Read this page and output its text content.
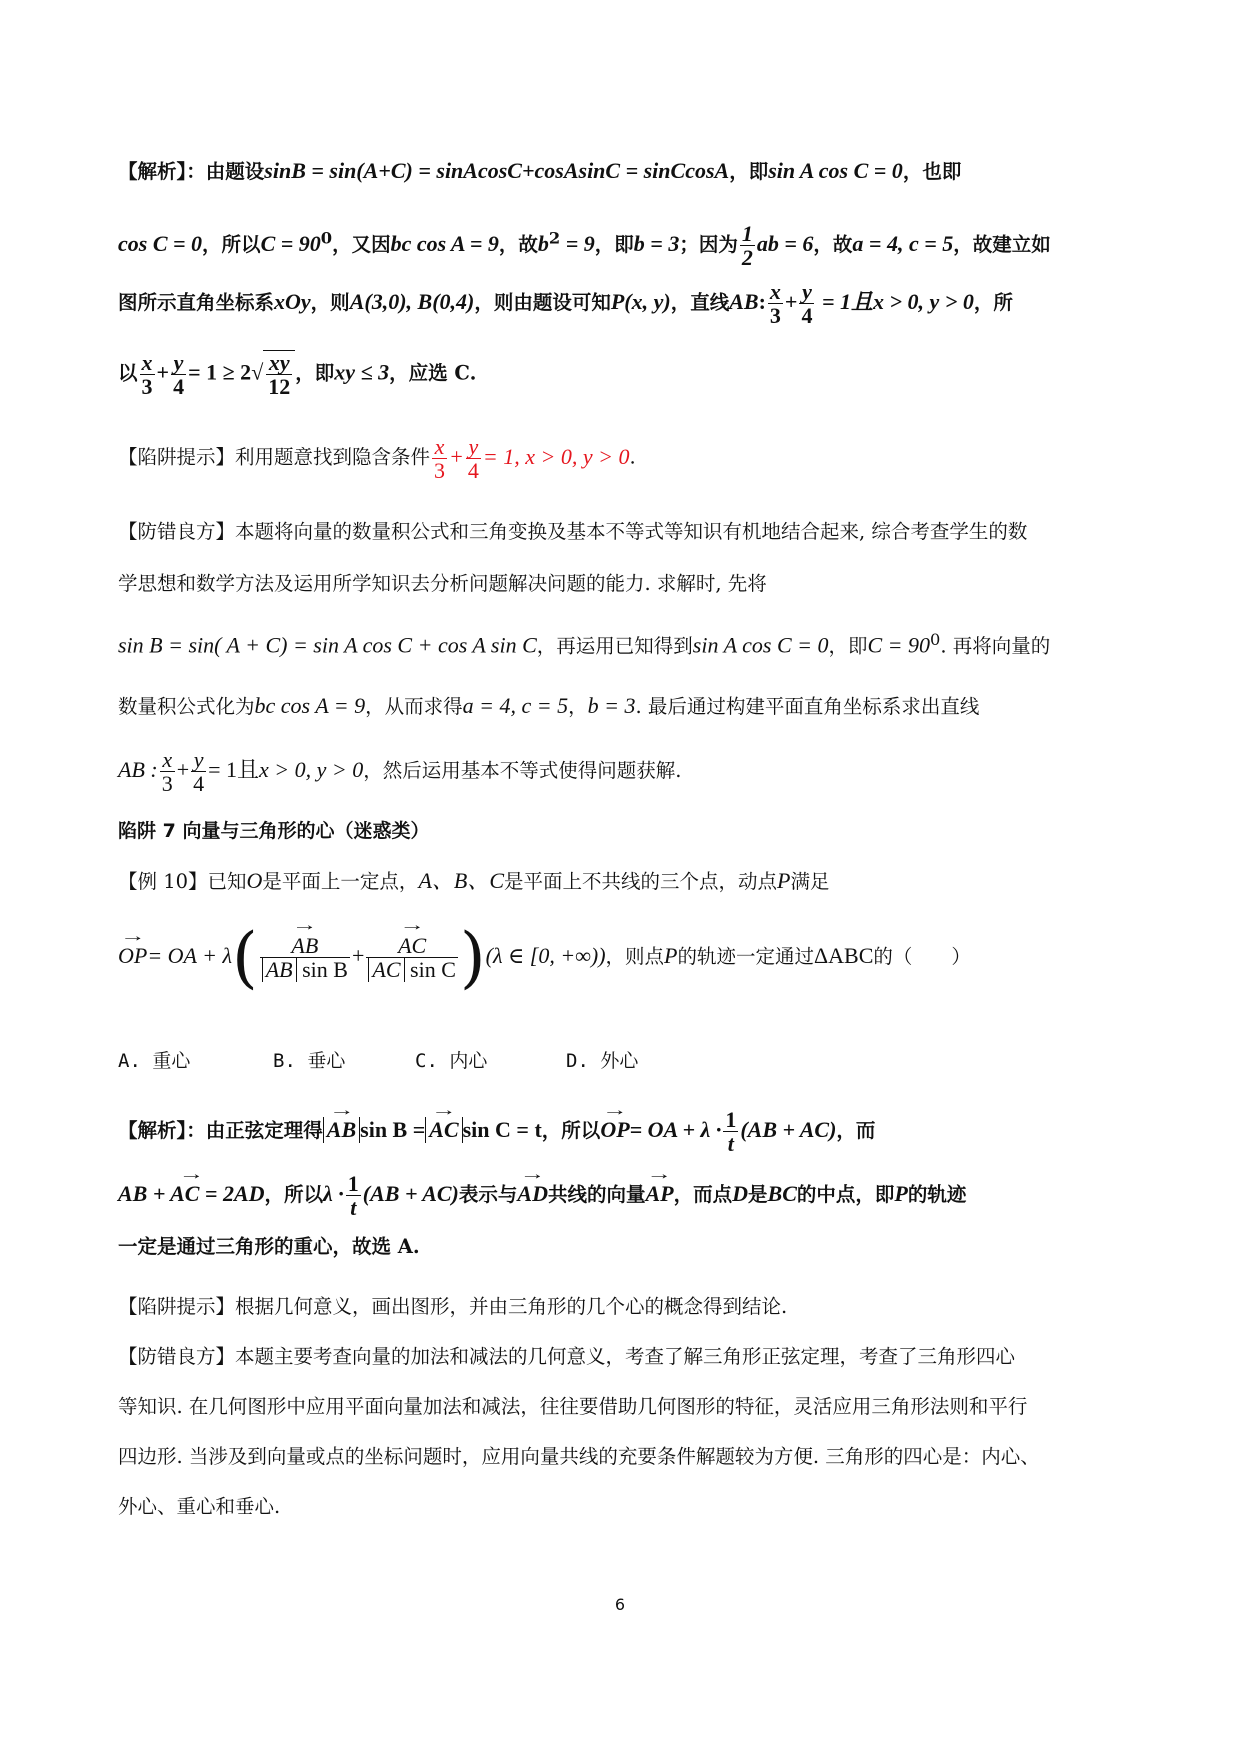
【解析】：由题设sinB = sin(A+C) = sinAcosC+cosAsinC = sinCcosA，即sin A cos C = 0，也即
cos C = 0，所以$C = 90^0$，又因bc cos A = 9，故$b^2 = 9$，即b = 3；因为 $\frac{1}{2}$ ab = 6，故a = 4, c = 5，故建立如
图所示直角坐标系xOy，则A(3,0), B(0,4)，则由题设可知P(x, y)，直线AB: $\frac{x}{3} + \frac{y}{4} = 1$且x > 0, y > 0，所
以 $\frac{x}{3} + \frac{y}{4} = 1 \ge 2√ \frac{xy}{12}$ ，即xy ≤ 3，应选 C.
【陷阱提示】利用题意找到隐含条件 $\frac{x}{3} + \frac{y}{4} = 1$, x > 0, y > 0.
【防错良方】本题将向量的数量积公式和三角变换及基本不等式等知识有机地结合起来, 综合考查学生的数
学思想和数学方法及运用所学知识去分析问题解决问题的能力. 求解时, 先将
sin B = sin( A + C) = sin A cos C + cos A sin C，再运用已知得到sin A cos C = 0，即$C = 90^0$. 再将向量的
数量积公式化为bc cos A = 9，从而求得a = 4, c = 5，b = 3. 最后通过构建平面直角坐标系求出直线
AB : $\frac{x}{3} + \frac{y}{4} = 1$且x > 0, y > 0，然后运用基本不等式使得问题获解.
陷阱 7 向量与三角形的心（迷惑类）
【例 10】已知O是平面上一定点，A、B、C是平面上不共线的三个点，动点P满足
→ OP= OA + λ(
→ $\frac{AB}{\text{AB sin B}}$ +
→ $\frac{AC}{\text{AC sin C}} )(\lambda$ ∈ [0, +∞))，则点P的轨迹一定通过ΔABC的（　　）
A. 重心	B. 垂心	C. 内心	D. 外心
【解析】：由正弦定理得→ AB sin B =→ AC sin C = t，所以→ OP= OA + $\lambda \cdot \frac{1}{t} (AB + AC)$，而
→ AB + AC = 2AD，所以$\lambda \cdot \frac{1}{t} (AB + AC)$表示与→ AD共线的向量→ AP，而点D是BC的中点，即P的轨迹
一定是通过三角形的重心，故选 A.
【陷阱提示】根据几何意义，画出图形，并由三角形的几个心的概念得到结论.
【防错良方】本题主要考查向量的加法和减法的几何意义，考查了解三角形正弦定理，考查了三角形四心
等知识. 在几何图形中应用平面向量加法和减法，往往要借助几何图形的特征，灵活应用三角形法则和平行
四边形. 当涉及到向量或点的坐标问题时，应用向量共线的充要条件解题较为方便. 三角形的四心是：内心、
外心、重心和垂心.
6
